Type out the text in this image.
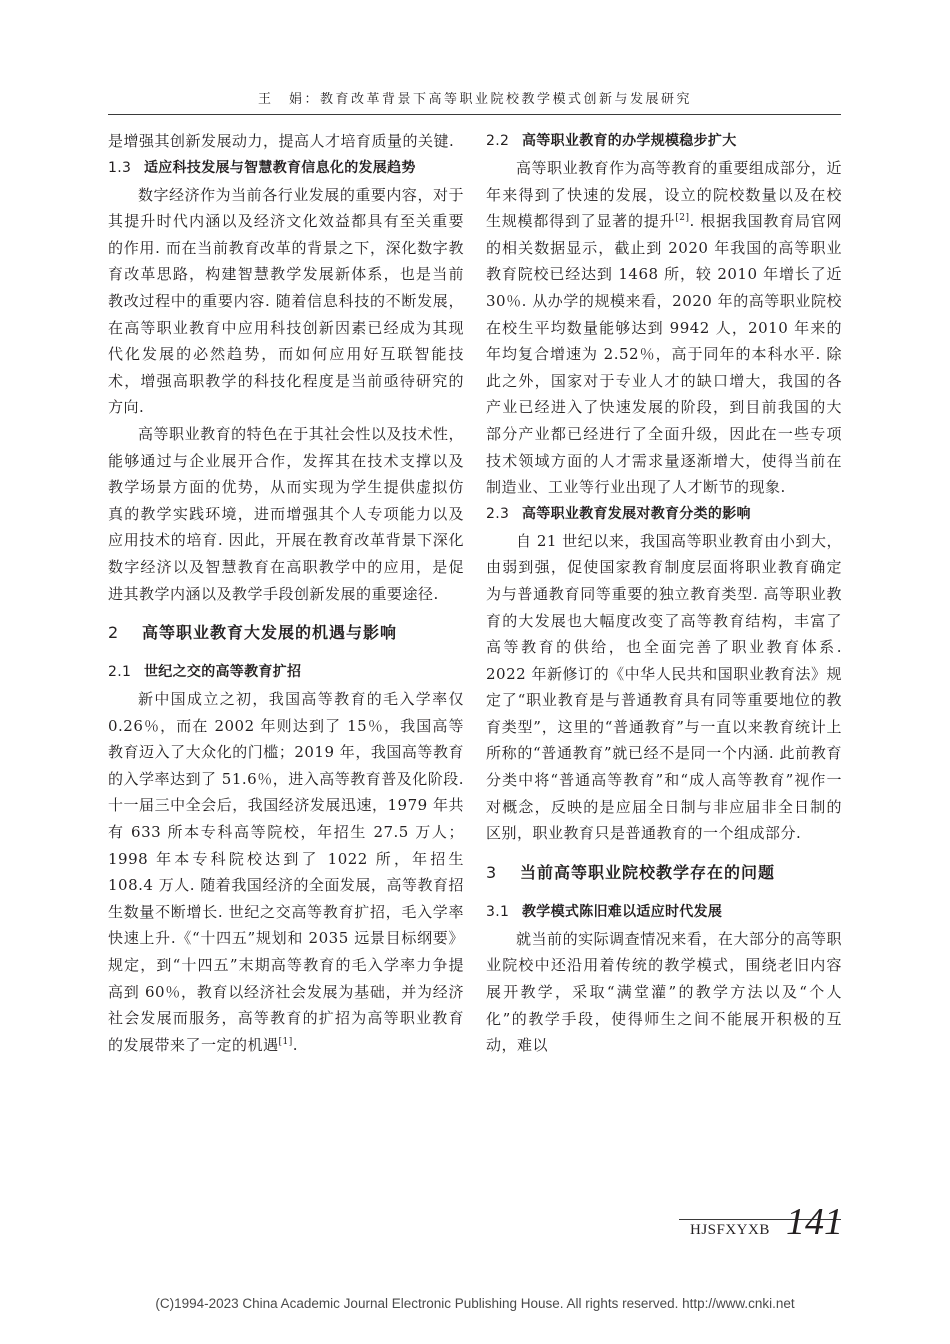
王　娟：教育改革背景下高等职业院校教学模式创新与发展研究

是增强其创新发展动力，提高人才培育质量的关键.

1.3 适应科技发展与智慧教育信息化的发展趋势

数字经济作为当前各行业发展的重要内容，对于其提升时代内涵以及经济文化效益都具有至关重要的作用. 而在当前教育改革的背景之下，深化数字教育改革思路，构建智慧教学发展新体系，也是当前教改过程中的重要内容. 随着信息科技的不断发展，在高等职业教育中应用科技创新因素已经成为其现代化发展的必然趋势，而如何应用好互联智能技术，增强高职教学的科技化程度是当前亟待研究的方向.

高等职业教育的特色在于其社会性以及技术性，能够通过与企业展开合作，发挥其在技术支撑以及教学场景方面的优势，从而实现为学生提供虚拟仿真的教学实践环境，进而增强其个人专项能力以及应用技术的培育. 因此，开展在教育改革背景下深化数字经济以及智慧教育在高职教学中的应用，是促进其教学内涵以及教学手段创新发展的重要途径.

2 高等职业教育大发展的机遇与影响
2.1 世纪之交的高等教育扩招

新中国成立之初，我国高等教育的毛入学率仅 0.26％，而在 2002 年则达到了 15％，我国高等教育迈入了大众化的门槛；2019 年，我国高等教育的入学率达到了 51.6％，进入高等教育普及化阶段. 十一届三中全会后，我国经济发展迅速，1979 年共有 633 所本专科高等院校，年招生 27.5 万人；1998 年本专科院校达到了 1022 所，年招生 108.4 万人. 随着我国经济的全面发展，高等教育招生数量不断增长. 世纪之交高等教育扩招，毛入学率快速上升.《“十四五”规划和 2035 远景目标纲要》规定，到“十四五”末期高等教育的毛入学率力争提高到 60％，教育以经济社会发展为基础，并为经济社会发展而服务，高等教育的扩招为高等职业教育的发展带来了一定的机遇[1].

2.2 高等职业教育的办学规模稳步扩大

高等职业教育作为高等教育的重要组成部分，近年来得到了快速的发展，设立的院校数量以及在校生规模都得到了显著的提升[2]. 根据我国教育局官网的相关数据显示，截止到 2020 年我国的高等职业教育院校已经达到 1468 所，较 2010 年增长了近 30％. 从办学的规模来看，2020 年的高等职业院校在校生平均数量能够达到 9942 人，2010 年来的年均复合增速为 2.52％，高于同年的本科水平. 除此之外，国家对于专业人才的缺口增大，我国的各产业已经进入了快速发展的阶段，到目前我国的大部分产业都已经进行了全面升级，因此在一些专项技术领域方面的人才需求量逐渐增大，使得当前在制造业、工业等行业出现了人才断节的现象.

2.3 高等职业教育发展对教育分类的影响

自 21 世纪以来，我国高等职业教育由小到大，由弱到强，促使国家教育制度层面将职业教育确定为与普通教育同等重要的独立教育类型. 高等职业教育的大发展也大幅度改变了高等教育结构，丰富了高等教育的供给，也全面完善了职业教育体系. 2022 年新修订的《中华人民共和国职业教育法》规定了“职业教育是与普通教育具有同等重要地位的教育类型”，这里的“普通教育”与一直以来教育统计上所称的“普通教育”就已经不是同一个内涵. 此前教育分类中将“普通高等教育”和“成人高等教育”视作一对概念，反映的是应届全日制与非应届非全日制的区别，职业教育只是普通教育的一个组成部分.

3 当前高等职业院校教学存在的问题
3.1 教学模式陈旧难以适应时代发展

就当前的实际调查情况来看，在大部分的高等职业院校中还沿用着传统的教学模式，围绕老旧内容展开教学，采取“满堂灌”的教学方法以及“个人化”的教学手段，使得师生之间不能展开积极的互动，难以

HJSFXYXB 141
(C)1994-2023 China Academic Journal Electronic Publishing House. All rights reserved. http://www.cnki.net
